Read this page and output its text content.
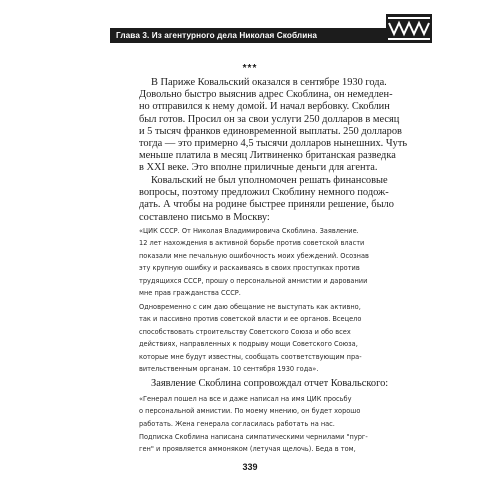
Глава 3. Из агентурного дела Николая Скоблина
***
В Париже Ковальский оказался в сентябре 1930 года.
Довольно быстро выяснив адрес Скоблина, он немедлен-
но отправился к нему домой. И начал вербовку. Скоблин
был готов. Просил он за свои услуги 250 долларов в месяц
и 5 тысяч франков единовременной выплаты. 250 долларов
тогда — это примерно 4,5 тысячи долларов нынешних. Чуть
меньше платила в месяц Литвиненко британская разведка
в XXI веке. Это вполне приличные деньги для агента.
Ковальский не был уполномочен решать финансовые
вопросы, поэтому предложил Скоблину немного подож-
дать. А чтобы на родине быстрее приняли решение, было
составлено письмо в Москву:
«ЦИК СССР. От Николая Владимировича Скоблина. Заявление.
12 лет нахождения в активной борьбе против советской власти
показали мне печальную ошибочность моих убеждений. Осознав
эту крупную ошибку и раскаиваясь в своих проступках против
трудящихся СССР, прошу о персональной амнистии и даровании
мне прав гражданства СССР.
Одновременно с сим даю обещание не выступать как активно,
так и пассивно против советской власти и ее органов. Всецело
способствовать строительству Советского Союза и обо всех
действиях, направленных к подрыву мощи Советского Союза,
которые мне будут известны, сообщать соответствующим пра-
вительственным органам. 10 сентября 1930 года».
Заявление Скоблина сопровождал отчет Ковальского:
«Генерал пошел на все и даже написал на имя ЦИК просьбу
о персональной амнистии. По моему мнению, он будет хорошо
работать. Жена генерала согласилась работать на нас.
Подписка Скоблина написана симпатическими чернилами "пург-
ген" и проявляется аммоняком (летучая щелочь). Беда в том,
339
